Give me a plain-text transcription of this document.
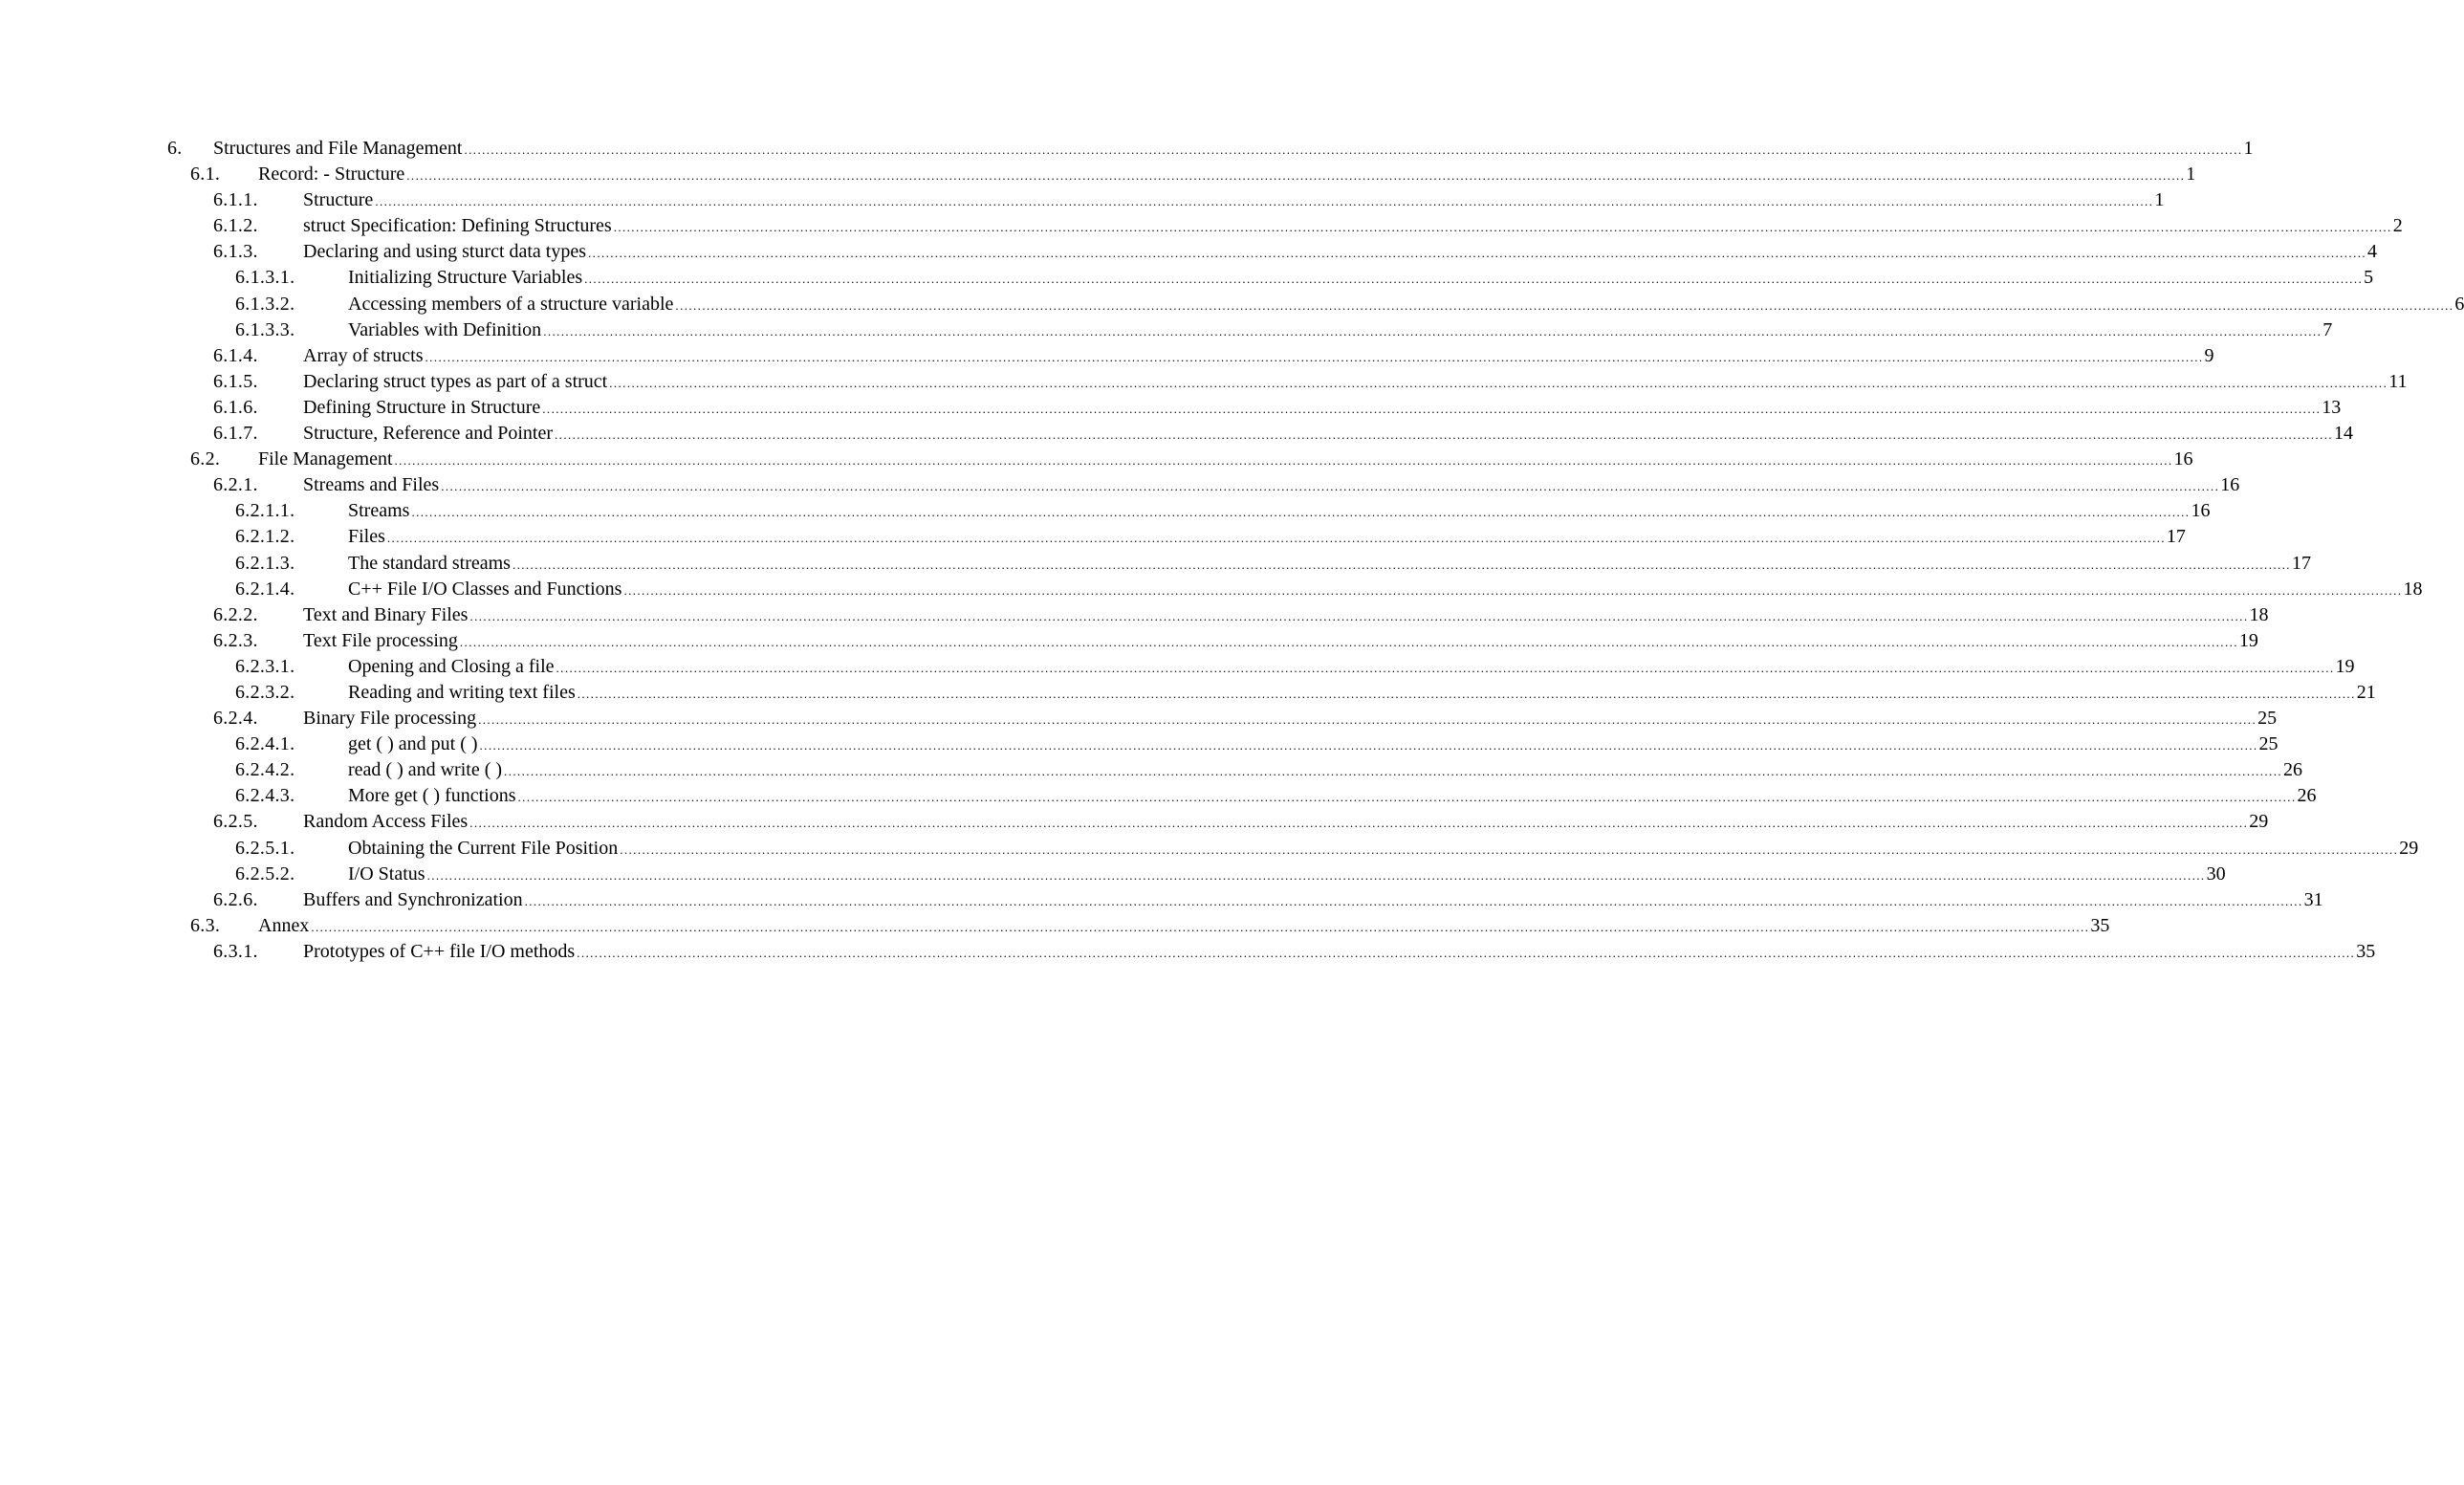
6. Structures and File Management ................................................................................................................................................................................................................................................................................................................................................................................................................ 1
6.1. Record: - Structure ................................................................................................................................................................................................................................................................................................................................................................................................................ 1
6.1.1. Structure ................................................................................................................................................................................................................................................................................................................................................................................................................ 1
6.1.2. struct Specification: Defining Structures ................................................................................................................................................................................................................................................................................................................................................................................................................ 2
6.1.3. Declaring and using sturct data types ................................................................................................................................................................................................................................................................................................................................................................................................................ 4
6.1.3.1.	Initializing Structure Variables ................................................................................................................................................................................................................................................................................................................................................................................................................ 5
6.1.3.2.	Accessing members of a structure variable ................................................................................................................................................................................................................................................................................................................................................................................................................ 6
6.1.3.3.	Variables with Definition ................................................................................................................................................................................................................................................................................................................................................................................................................ 7
6.1.4. Array of structs ................................................................................................................................................................................................................................................................................................................................................................................................................ 9
6.1.5. Declaring struct types as part of a struct ................................................................................................................................................................................................................................................................................................................................................................................................................ 11
6.1.6. Defining Structure in Structure ................................................................................................................................................................................................................................................................................................................................................................................................................ 13
6.1.7. Structure, Reference and Pointer ................................................................................................................................................................................................................................................................................................................................................................................................................ 14
6.2. File Management ................................................................................................................................................................................................................................................................................................................................................................................................................ 16
6.2.1. Streams and Files ................................................................................................................................................................................................................................................................................................................................................................................................................ 16
6.2.1.1.	Streams ................................................................................................................................................................................................................................................................................................................................................................................................................ 16
6.2.1.2.	Files ................................................................................................................................................................................................................................................................................................................................................................................................................ 17
6.2.1.3.	The standard streams ................................................................................................................................................................................................................................................................................................................................................................................................................ 17
6.2.1.4.	C++ File I/O Classes and Functions ................................................................................................................................................................................................................................................................................................................................................................................................................ 18
6.2.2. Text and Binary Files ................................................................................................................................................................................................................................................................................................................................................................................................................ 18
6.2.3. Text File processing ................................................................................................................................................................................................................................................................................................................................................................................................................ 19
6.2.3.1.	Opening and Closing a file ................................................................................................................................................................................................................................................................................................................................................................................................................ 19
6.2.3.2.	Reading and writing text files ................................................................................................................................................................................................................................................................................................................................................................................................................ 21
6.2.4. Binary File processing ................................................................................................................................................................................................................................................................................................................................................................................................................ 25
6.2.4.1.	get ( ) and put ( ) ................................................................................................................................................................................................................................................................................................................................................................................................................ 25
6.2.4.2.	read ( ) and write ( ) ................................................................................................................................................................................................................................................................................................................................................................................................................ 26
6.2.4.3.	More get ( ) functions ................................................................................................................................................................................................................................................................................................................................................................................................................ 26
6.2.5. Random Access Files ................................................................................................................................................................................................................................................................................................................................................................................................................ 29
6.2.5.1.	Obtaining the Current File Position ................................................................................................................................................................................................................................................................................................................................................................................................................ 29
6.2.5.2.	I/O Status ................................................................................................................................................................................................................................................................................................................................................................................................................ 30
6.2.6. Buffers and Synchronization ................................................................................................................................................................................................................................................................................................................................................................................................................ 31
6.3. Annex ................................................................................................................................................................................................................................................................................................................................................................................................................ 35
6.3.1. Prototypes of C++ file I/O methods ................................................................................................................................................................................................................................................................................................................................................................................................................ 35
